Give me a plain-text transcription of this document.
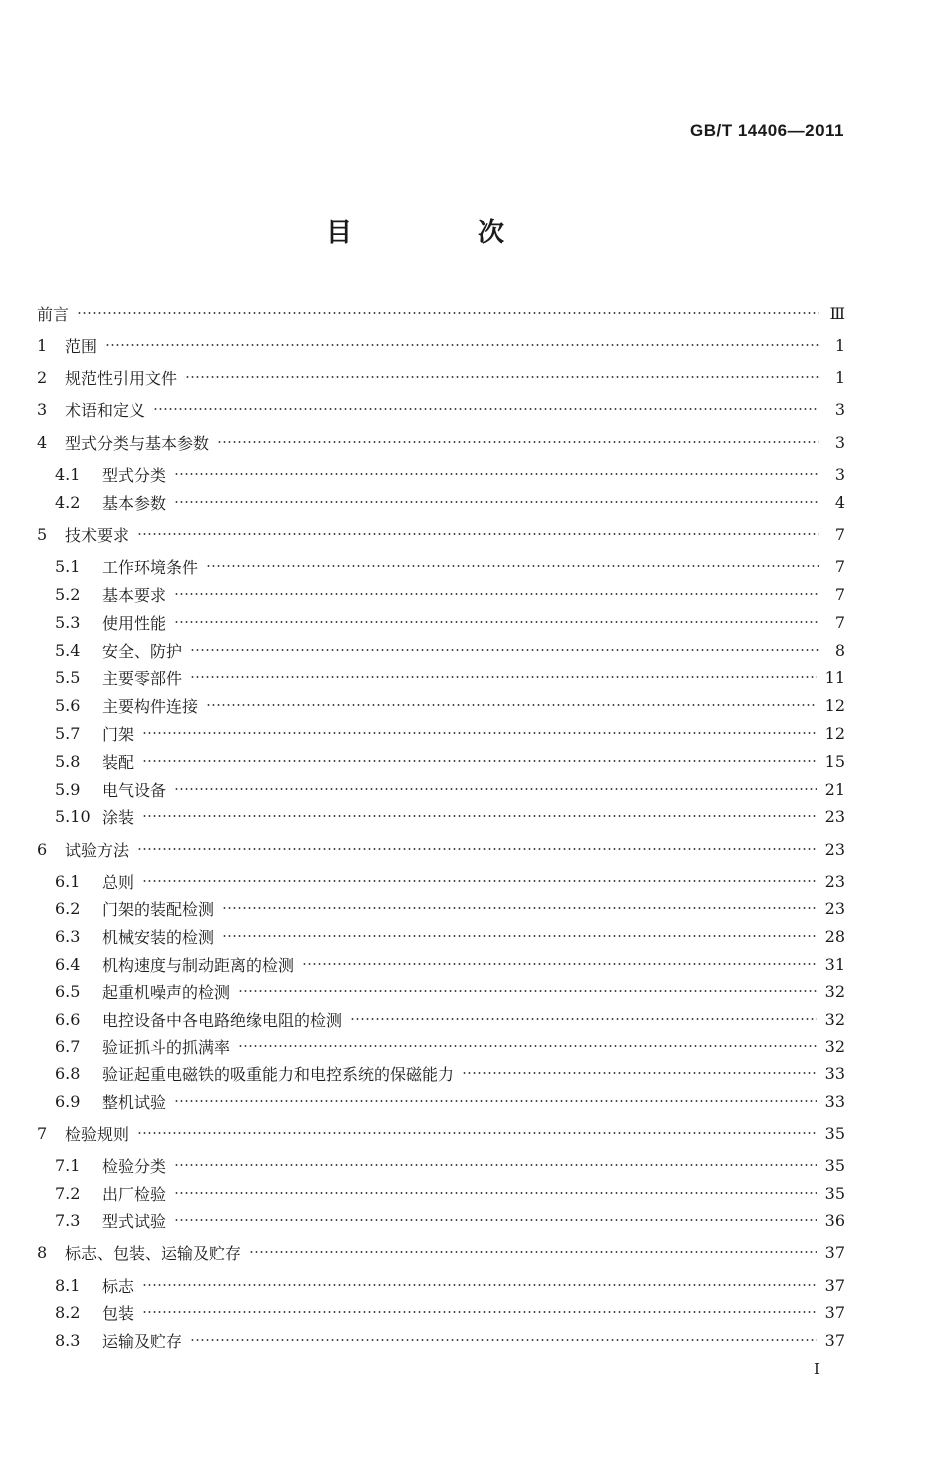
GB/T 14406—2011
目　次
前言	Ⅲ
1	范围	1
2	规范性引用文件	1
3	术语和定义	3
4	型式分类与基本参数	3
4.1	型式分类	3
4.2	基本参数	4
5	技术要求	7
5.1	工作环境条件	7
5.2	基本要求	7
5.3	使用性能	7
5.4	安全、防护	8
5.5	主要零部件	11
5.6	主要构件连接	12
5.7	门架	12
5.8	装配	15
5.9	电气设备	21
5.10 涂装	23
6	试验方法	23
6.1	总则	23
6.2	门架的装配检测	23
6.3	机械安装的检测	28
6.4	机构速度与制动距离的检测	31
6.5	起重机噪声的检测	32
6.6	电控设备中各电路绝缘电阻的检测	32
6.7	验证抓斗的抓满率	32
6.8	验证起重电磁铁的吸重能力和电控系统的保磁能力	33
6.9	整机试验	33
7	检验规则	35
7.1	检验分类	35
7.2	出厂检验	35
7.3	型式试验	36
8	标志、包装、运输及贮存	37
8.1	标志	37
8.2	包装	37
8.3	运输及贮存	37
I
